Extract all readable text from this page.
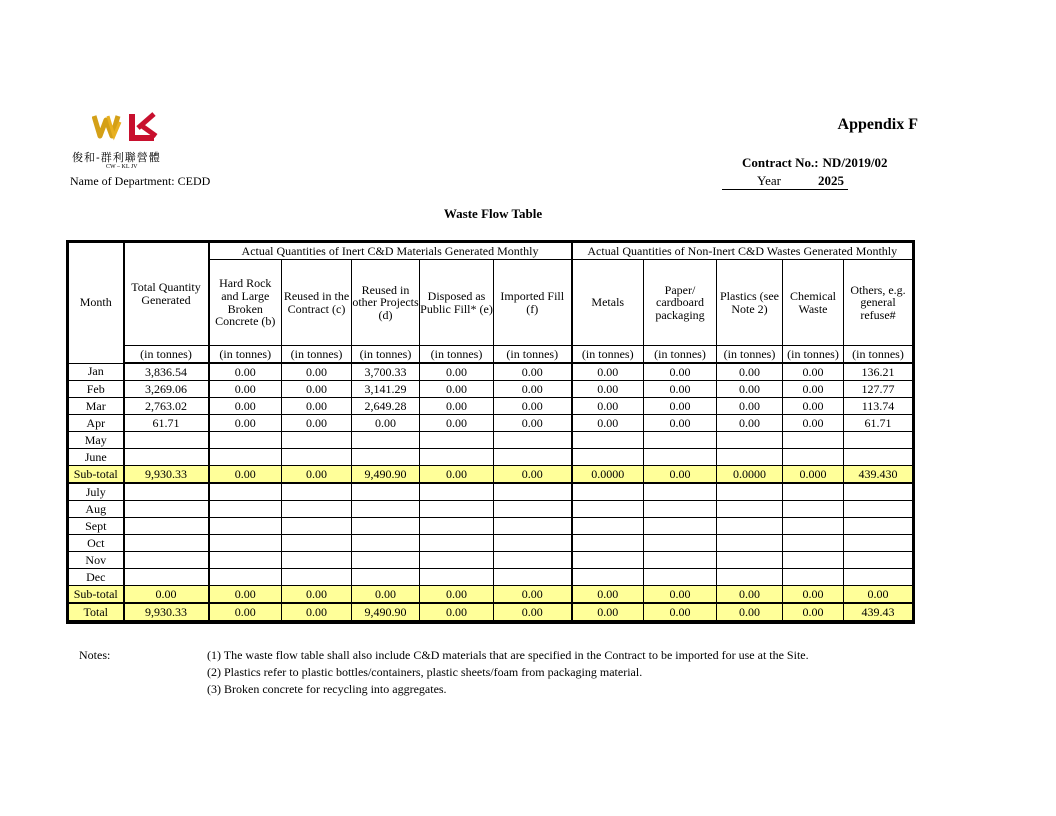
俊和-群利聯營體
CW – KL JV
Name of Department: CEDD
Appendix F
Contract No.: ND/2019/02
Year	2025
Waste Flow Table
Month	Total Quantity Generated	Actual Quantities of Inert C&D Materials Generated Monthly					Actual Quantities of Non-Inert C&D Wastes Generated Monthly				
		Hard Rock and Large Broken Concrete (b)	Reused in the Contract (c)	Reused in other Projects (d)	Disposed as Public Fill* (e)	Imported Fill (f)	Metals	Paper/ cardboard packaging	Plastics (see Note 2)	Chemical Waste	Others, e.g. general refuse#
	(in tonnes)	(in tonnes)	(in tonnes)	(in tonnes)	(in tonnes)	(in tonnes)	(in tonnes)	(in tonnes)	(in tonnes)	(in tonnes)	(in tonnes)
Jan	3,836.54	0.00	0.00	3,700.33	0.00	0.00	0.00	0.00	0.00	0.00	136.21
Feb	3,269.06	0.00	0.00	3,141.29	0.00	0.00	0.00	0.00	0.00	0.00	127.77
Mar	2,763.02	0.00	0.00	2,649.28	0.00	0.00	0.00	0.00	0.00	0.00	113.74
Apr	61.71	0.00	0.00	0.00	0.00	0.00	0.00	0.00	0.00	0.00	61.71
May											
June											
Sub-total	9,930.33	0.00	0.00	9,490.90	0.00	0.00	0.0000	0.00	0.0000	0.000	439.430
July											
Aug											
Sept											
Oct											
Nov											
Dec											
Sub-total	0.00	0.00	0.00	0.00	0.00	0.00	0.00	0.00	0.00	0.00	0.00
Total	9,930.33	0.00	0.00	9,490.90	0.00	0.00	0.00	0.00	0.00	0.00	439.43
Notes:	(1) The waste flow table shall also include C&D materials that are specified in the Contract to be imported for use at the Site.
(2) Plastics refer to plastic bottles/containers, plastic sheets/foam from packaging material.
(3) Broken concrete for recycling into aggregates.
